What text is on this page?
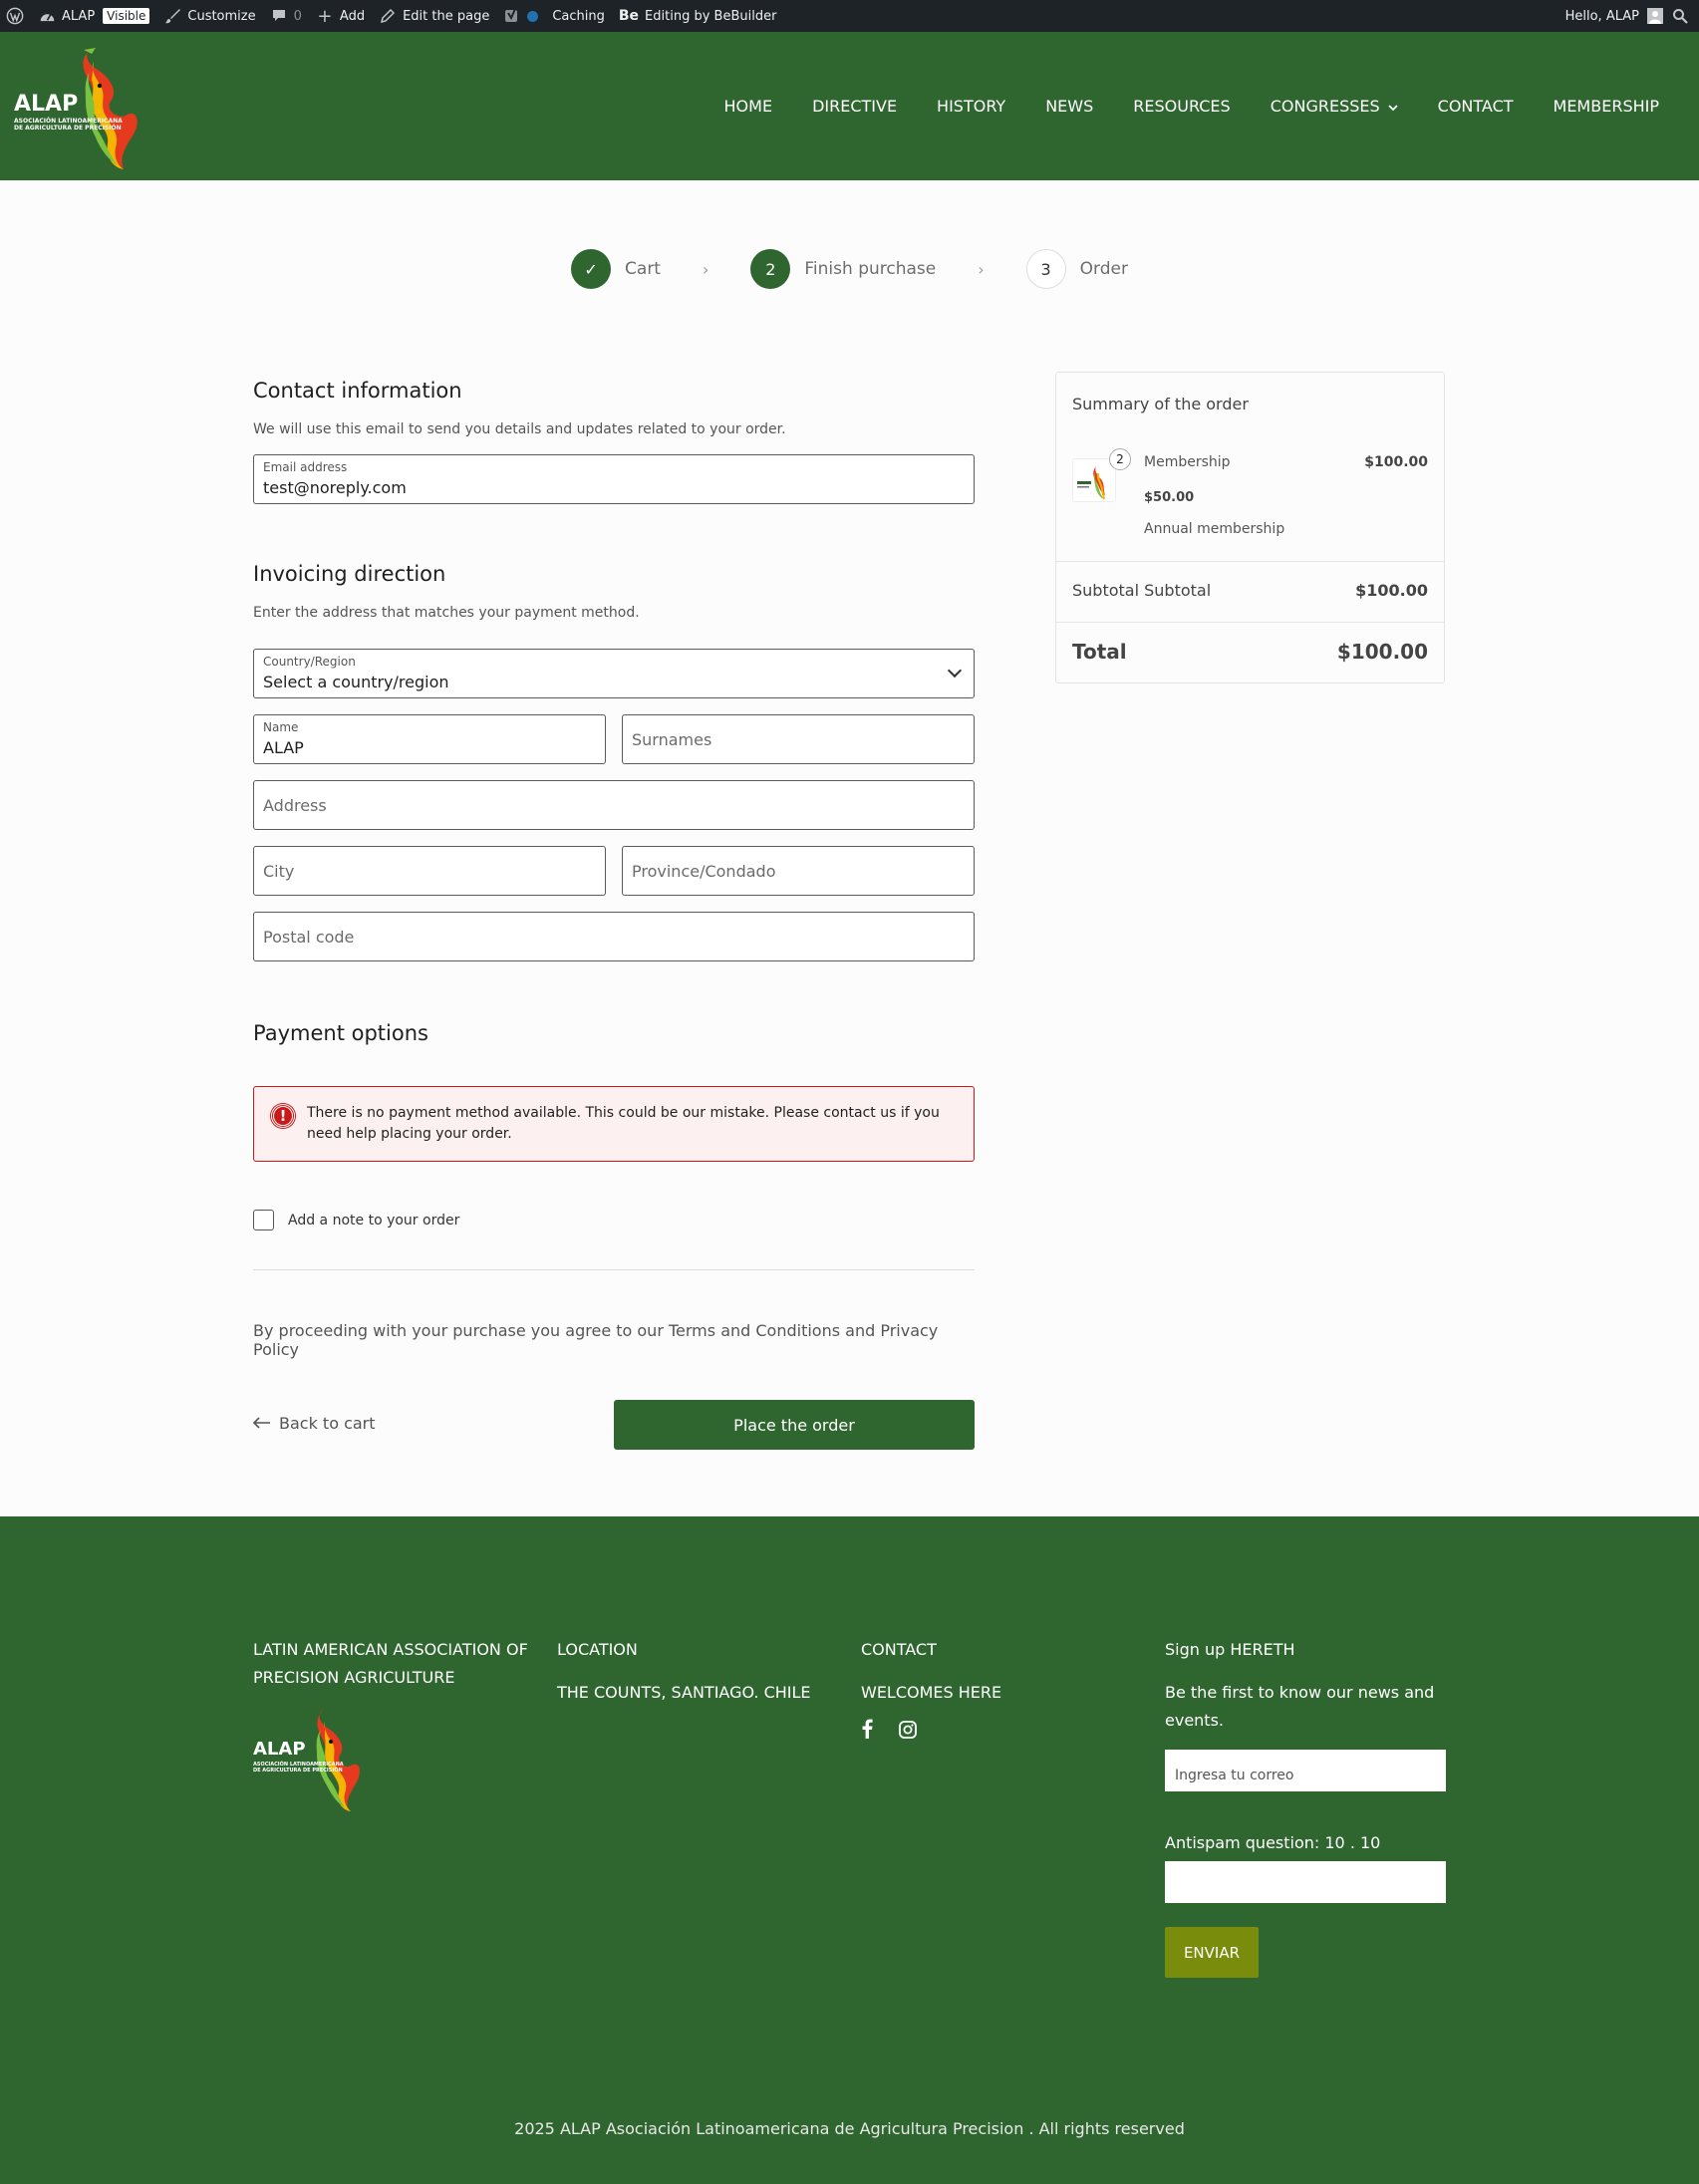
ALAP	Visible	Customize	0 + Add	Edit the page	Caching Be Editing by BeBuilder	Hello, ALAP
ALAP
ASOCIACIÓN LATINOAMERICANA
DE AGRICULTURA DE PRECISIÓN
HOME	DIRECTIVE	HISTORY	NEWS	RESOURCES	CONGRESSES	CONTACT	MEMBERSHIP
✓	Cart	›	2	Finish purchase	›	3	Order
Contact information
We will use this email to send you details and updates related to your order.
Email address
test@noreply.com
Invoicing direction
Enter the address that matches your payment method.
Country/Region
Select a country/region
Name
ALAP	Surnames
Address
City	Province/Condado
Postal code
Payment options
!	There is no payment method available. This could be our mistake. Please contact us if you need help placing your order.
Add a note to your order
By proceeding with your purchase you agree to our Terms and Conditions and Privacy Policy
Back to cart	Place the order
Summary of the order
2	Membership	$100.00
$50.00
Annual membership
Subtotal Subtotal	$100.00
Total	$100.00
LATIN AMERICAN ASSOCIATION OF PRECISION AGRICULTURE
ALAP
ASOCIACIÓN LATINOAMERICANA
DE AGRICULTURA DE PRECISIÓN
LOCATION
THE COUNTS, SANTIAGO. CHILE
CONTACT
WELCOMES HERE
Sign up HERETH
Be the first to know our news and events.
Ingresa tu correo
Antispam question: 10 . 10
ENVIAR
2025 ALAP Asociación Latinoamericana de Agricultura Precision . All rights reserved
